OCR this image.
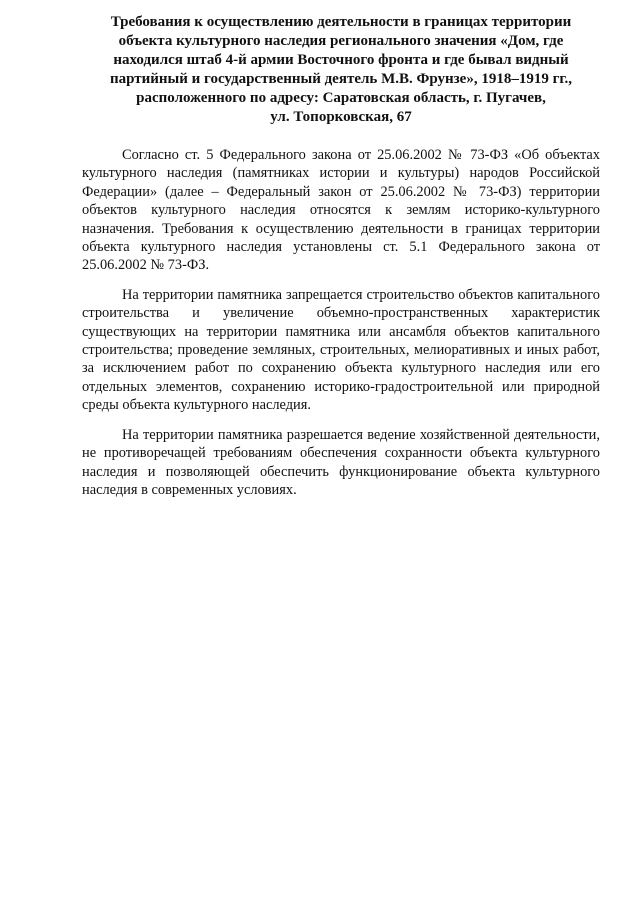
Требования к осуществлению деятельности в границах территории
объекта культурного наследия регионального значения «Дом, где
находился штаб 4-й армии Восточного фронта и где бывал видный
партийный и государственный деятель М.В. Фрунзе», 1918–1919 гг.,
расположенного по адресу: Саратовская область, г. Пугачев,
ул. Топорковская, 67

Согласно ст. 5 Федерального закона от 25.06.2002 № 73-ФЗ «Об объектах культурного наследия (памятниках истории и культуры) народов Российской Федерации» (далее – Федеральный закон от 25.06.2002 № 73-ФЗ) территории объектов культурного наследия относятся к землям историко-культурного назначения. Требования к осуществлению деятельности в границах территории объекта культурного наследия установлены ст. 5.1 Федерального закона от 25.06.2002 № 73-ФЗ.

На территории памятника запрещается строительство объектов капитального строительства и увеличение объемно-пространственных характеристик существующих на территории памятника или ансамбля объектов капитального строительства; проведение земляных, строительных, мелиоративных и иных работ, за исключением работ по сохранению объекта культурного наследия или его отдельных элементов, сохранению историко-градостроительной или природной среды объекта культурного наследия.

На территории памятника разрешается ведение хозяйственной деятельности, не противоречащей требованиям обеспечения сохранности объекта культурного наследия и позволяющей обеспечить функционирование объекта культурного наследия в современных условиях.
